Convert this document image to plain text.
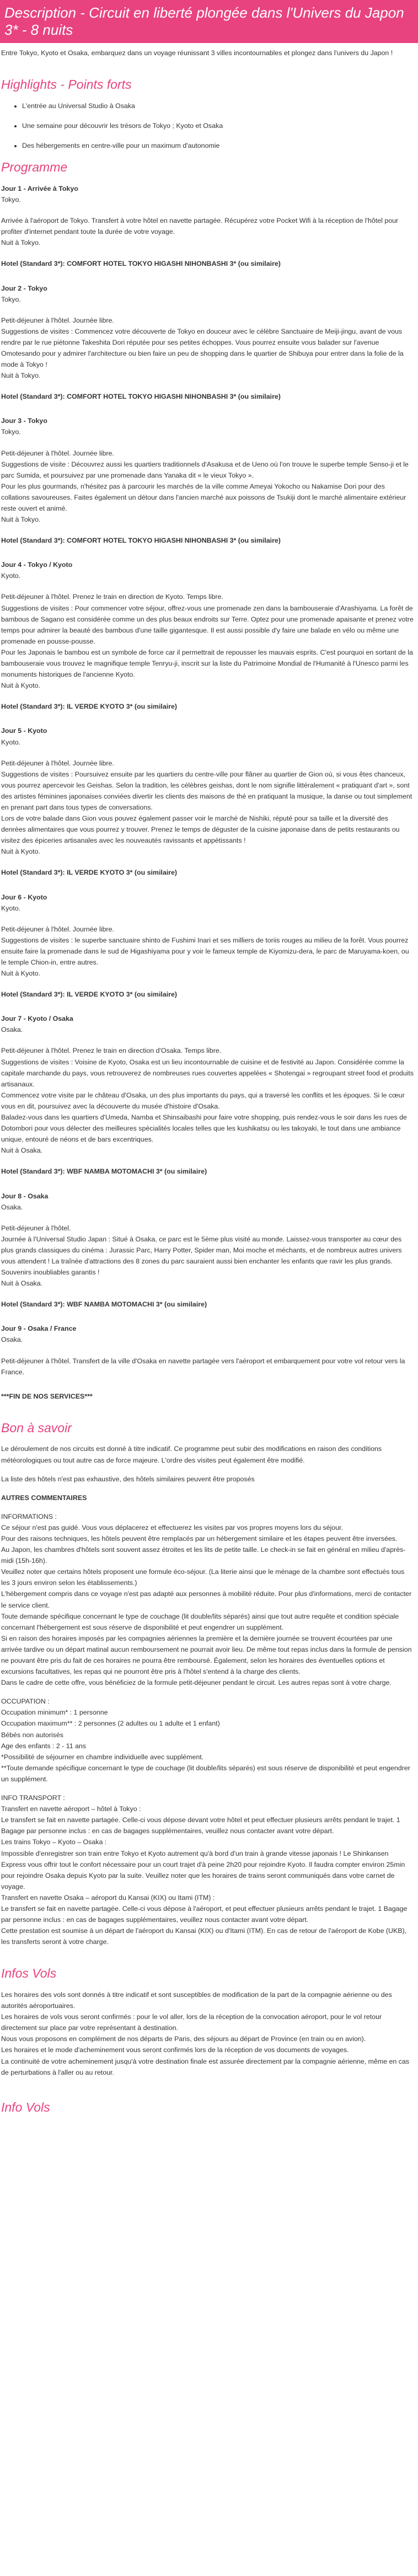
Description - Circuit en liberté plongée dans l'Univers du Japon 3* - 8 nuits

Entre Tokyo, Kyoto et Osaka, embarquez dans un voyage réunissant 3 villes incontournables et plongez dans l'univers du Japon !

Highlights - Points forts
• L'entrée au Universal Studio à Osaka
• Une semaine pour découvrir les trésors de Tokyo ; Kyoto et Osaka
• Des hébergements en centre-ville pour un maximum d'autonomie
Programme

Jour 1 - Arrivée à Tokyo

Tokyo.

Arrivée à l'aéroport de Tokyo. Transfert à votre hôtel en navette partagée. Récupérez votre Pocket Wifi à la réception de l'hôtel pour profiter d'internet pendant toute la durée de votre voyage.

Nuit à Tokyo.

Hotel (Standard 3*): COMFORT HOTEL TOKYO HIGASHI NIHONBASHI 3* (ou similaire)

Jour 2 - Tokyo

Tokyo.

Petit-déjeuner à l'hôtel. Journée libre.

Suggestions de visites : Commencez votre découverte de Tokyo en douceur avec le célèbre Sanctuaire de Meiji-jingu, avant de vous rendre par le rue piétonne Takeshita Dori réputée pour ses petites échoppes. Vous pourrez ensuite vous balader sur l'avenue Omotesando pour y admirer l'architecture ou bien faire un peu de shopping dans le quartier de Shibuya pour entrer dans la folie de la mode à Tokyo !

Nuit à Tokyo.

Hotel (Standard 3*): COMFORT HOTEL TOKYO HIGASHI NIHONBASHI 3* (ou similaire)

Jour 3 - Tokyo

Tokyo.

Petit-déjeuner à l'hôtel. Journée libre.

Suggestions de visite : Découvrez aussi les quartiers traditionnels d'Asakusa et de Ueno où l'on trouve le superbe temple Senso-ji et le parc Sumida, et poursuivez par une promenade dans Yanaka dit « le vieux Tokyo ».

Pour les plus gourmands, n'hésitez pas à parcourir les marchés de la ville comme Ameyai Yokocho ou Nakamise Dori pour des collations savoureuses. Faites également un détour dans l'ancien marché aux poissons de Tsukiji dont le marché alimentaire extérieur reste ouvert et animé.

Nuit à Tokyo.

Hotel (Standard 3*): COMFORT HOTEL TOKYO HIGASHI NIHONBASHI 3* (ou similaire)

Jour 4 - Tokyo / Kyoto

Kyoto.

Petit-déjeuner à l'hôtel. Prenez le train en direction de Kyoto. Temps libre.

Suggestions de visites : Pour commencer votre séjour, offrez-vous une promenade zen dans la bambouseraie d'Arashiyama. La forêt de bambous de Sagano est considérée comme un des plus beaux endroits sur Terre. Optez pour une promenade apaisante et prenez votre temps pour admirer la beauté des bambous d'une taille gigantesque. Il est aussi possible d'y faire une balade en vélo ou même une promenade en pousse-pousse.

Pour les Japonais le bambou est un symbole de force car il permettrait de repousser les mauvais esprits. C'est pourquoi en sortant de la bambouseraie vous trouvez le magnifique temple Tenryu-ji, inscrit sur la liste du Patrimoine Mondial de l'Humanité à l'Unesco parmi les monuments historiques de l'ancienne Kyoto.

Nuit à Kyoto.

Hotel (Standard 3*): IL VERDE KYOTO 3* (ou similaire)

Jour 5 - Kyoto

Kyoto.

Petit-déjeuner à l'hôtel. Journée libre.

Suggestions de visites : Poursuivez ensuite par les quartiers du centre-ville pour flâner au quartier de Gion où, si vous êtes chanceux, vous pourrez apercevoir les Geishas. Selon la tradition, les célèbres geishas, dont le nom signifie littéralement « pratiquant d'art », sont des artistes féminines japonaises conviées divertir les clients des maisons de thé en pratiquant la musique, la danse ou tout simplement en prenant part dans tous types de conversations.

Lors de votre balade dans Gion vous pouvez également passer voir le marché de Nishiki, réputé pour sa taille et la diversité des denrées alimentaires que vous pourrez y trouver. Prenez le temps de déguster de la cuisine japonaise dans de petits restaurants ou visitez des épiceries artisanales avec les nouveautés ravissants et appétissants !

Nuit à Kyoto.

Hotel (Standard 3*): IL VERDE KYOTO 3* (ou similaire)

Jour 6 - Kyoto

Kyoto.

Petit-déjeuner à l'hôtel. Journée libre.

Suggestions de visites : le superbe sanctuaire shinto de Fushimi Inari et ses milliers de toriis rouges au milieu de la forêt. Vous pourrez ensuite faire la promenade dans le sud de Higashiyama pour y voir le fameux temple de Kiyomizu-dera, le parc de Maruyama-koen, ou le temple Chion-in, entre autres.

Nuit à Kyoto.

Hotel (Standard 3*): IL VERDE KYOTO 3* (ou similaire)

Jour 7 - Kyoto / Osaka

Osaka.

Petit-déjeuner à l'hôtel. Prenez le train en direction d'Osaka. Temps libre.

Suggestions de visites : Voisine de Kyoto, Osaka est un lieu incontournable de cuisine et de festivité au Japon. Considérée comme la capitale marchande du pays, vous retrouverez de nombreuses rues couvertes appelées « Shotengai » regroupant street food et produits artisanaux.

Commencez votre visite par le château d'Osaka, un des plus importants du pays, qui a traversé les conflits et les époques. Si le cœur vous en dit, poursuivez avec la découverte du musée d'histoire d'Osaka.

Baladez-vous dans les quartiers d'Umeda, Namba et Shinsaibashi pour faire votre shopping, puis rendez-vous le soir dans les rues de Dotombori pour vous délecter des meilleures spécialités locales telles que les kushikatsu ou les takoyaki, le tout dans une ambiance unique, entouré de néons et de bars excentriques.

Nuit à Osaka.

Hotel (Standard 3*): WBF NAMBA MOTOMACHI 3* (ou similaire)

Jour 8 - Osaka

Osaka.

Petit-déjeuner à l'hôtel.

Journée à l'Universal Studio Japan : Situé à Osaka, ce parc est le 5ème plus visité au monde. Laissez-vous transporter au cœur des plus grands classiques du cinéma : Jurassic Parc, Harry Potter, Spider man, Moi moche et méchants, et de nombreux autres univers vous attendent ! La traînée d'attractions des 8 zones du parc sauraient aussi bien enchanter les enfants que ravir les plus grands. Souvenirs inoubliables garantis !

Nuit à Osaka.

Hotel (Standard 3*): WBF NAMBA MOTOMACHI 3* (ou similaire)

Jour 9 - Osaka / France

Osaka.

Petit-déjeuner à l'hôtel. Transfert de la ville d'Osaka en navette partagée vers l'aéroport et embarquement pour votre vol retour vers la France.

***FIN DE NOS SERVICES***

Bon à savoir

Le déroulement de nos circuits est donné à titre indicatif. Ce programme peut subir des modifications en raison des conditions météorologiques ou tout autre cas de force majeure. L'ordre des visites peut également être modifié.

La liste des hôtels n'est pas exhaustive, des hôtels similaires peuvent être proposés

AUTRES COMMENTAIRES

INFORMATIONS :

Ce séjour n'est pas guidé. Vous vous déplacerez et effectuerez les visites par vos propres moyens lors du séjour.

Pour des raisons techniques, les hôtels peuvent être remplacés par un hébergement similaire et les étapes peuvent être inversées.

Au Japon, les chambres d'hôtels sont souvent assez étroites et les lits de petite taille. Le check-in se fait en général en milieu d'après-midi (15h-16h).

Veuillez noter que certains hôtels proposent une formule éco-séjour. (La literie ainsi que le ménage de la chambre sont effectués tous les 3 jours environ selon les établissements.)

L'hébergement compris dans ce voyage n'est pas adapté aux personnes à mobilité réduite. Pour plus d'informations, merci de contacter le service client.

Toute demande spécifique concernant le type de couchage (lit double/lits séparés) ainsi que tout autre requête et condition spéciale concernant l'hébergement est sous réserve de disponibilité et peut engendrer un supplément.

Si en raison des horaires imposés par les compagnies aériennes la première et la dernière journée se trouvent écourtées par une arrivée tardive ou un départ matinal aucun remboursement ne pourrait avoir lieu. De même tout repas inclus dans la formule de pension ne pouvant être pris du fait de ces horaires ne pourra être remboursé. Également, selon les horaires des éventuelles options et excursions facultatives, les repas qui ne pourront être pris à l'hôtel s'entend à la charge des clients.

Dans le cadre de cette offre, vous bénéficiez de la formule petit-déjeuner pendant le circuit. Les autres repas sont à votre charge.

OCCUPATION :

Occupation minimum* : 1 personne

Occupation maximum** : 2 personnes (2 adultes ou 1 adulte et 1 enfant)

Bébés non autorisés

Age des enfants : 2 - 11 ans

*Possibilité de séjourner en chambre individuelle avec supplément.

**Toute demande spécifique concernant le type de couchage (lit double/lits séparés) est sous réserve de disponibilité et peut engendrer un supplément.

INFO TRANSPORT :

Transfert en navette aéroport – hôtel à Tokyo :

Le transfert se fait en navette partagée. Celle-ci vous dépose devant votre hôtel et peut effectuer plusieurs arrêts pendant le trajet. 1 Bagage par personne inclus : en cas de bagages supplémentaires, veuillez nous contacter avant votre départ.

Les trains Tokyo – Kyoto – Osaka :

Impossible d'enregistrer son train entre Tokyo et Kyoto autrement qu'à bord d'un train à grande vitesse japonais ! Le Shinkansen Express vous offrir tout le confort nécessaire pour un court trajet d'à peine 2h20 pour rejoindre Kyoto. Il faudra compter environ 25min pour rejoindre Osaka depuis Kyoto par la suite. Veuillez noter que les horaires de trains seront communiqués dans votre carnet de voyage.

Transfert en navette Osaka – aéroport du Kansai (KIX) ou Itami (ITM) :

Le transfert se fait en navette partagée. Celle-ci vous dépose à l'aéroport, et peut effectuer plusieurs arrêts pendant le trajet. 1 Bagage par personne inclus : en cas de bagages supplémentaires, veuillez nous contacter avant votre départ.

Cette prestation est soumise à un départ de l'aéroport du Kansai (KIX) ou d'Itami (ITM). En cas de retour de l'aéroport de Kobe (UKB), les transferts seront à votre charge.

Infos Vols

Les horaires des vols sont donnés à titre indicatif et sont susceptibles de modification de la part de la compagnie aérienne ou des autorités aéroportuaires.

Les horaires de vols vous seront confirmés : pour le vol aller, lors de la réception de la convocation aéroport, pour le vol retour directement sur place par votre représentant à destination.

Nous vous proposons en complément de nos départs de Paris, des séjours au départ de Province (en train ou en avion).

Les horaires et le mode d'acheminement vous seront confirmés lors de la réception de vos documents de voyages.

La continuité de votre acheminement jusqu'à votre destination finale est assurée directement par la compagnie aérienne, même en cas de perturbations à l'aller ou au retour.

Info Vols
